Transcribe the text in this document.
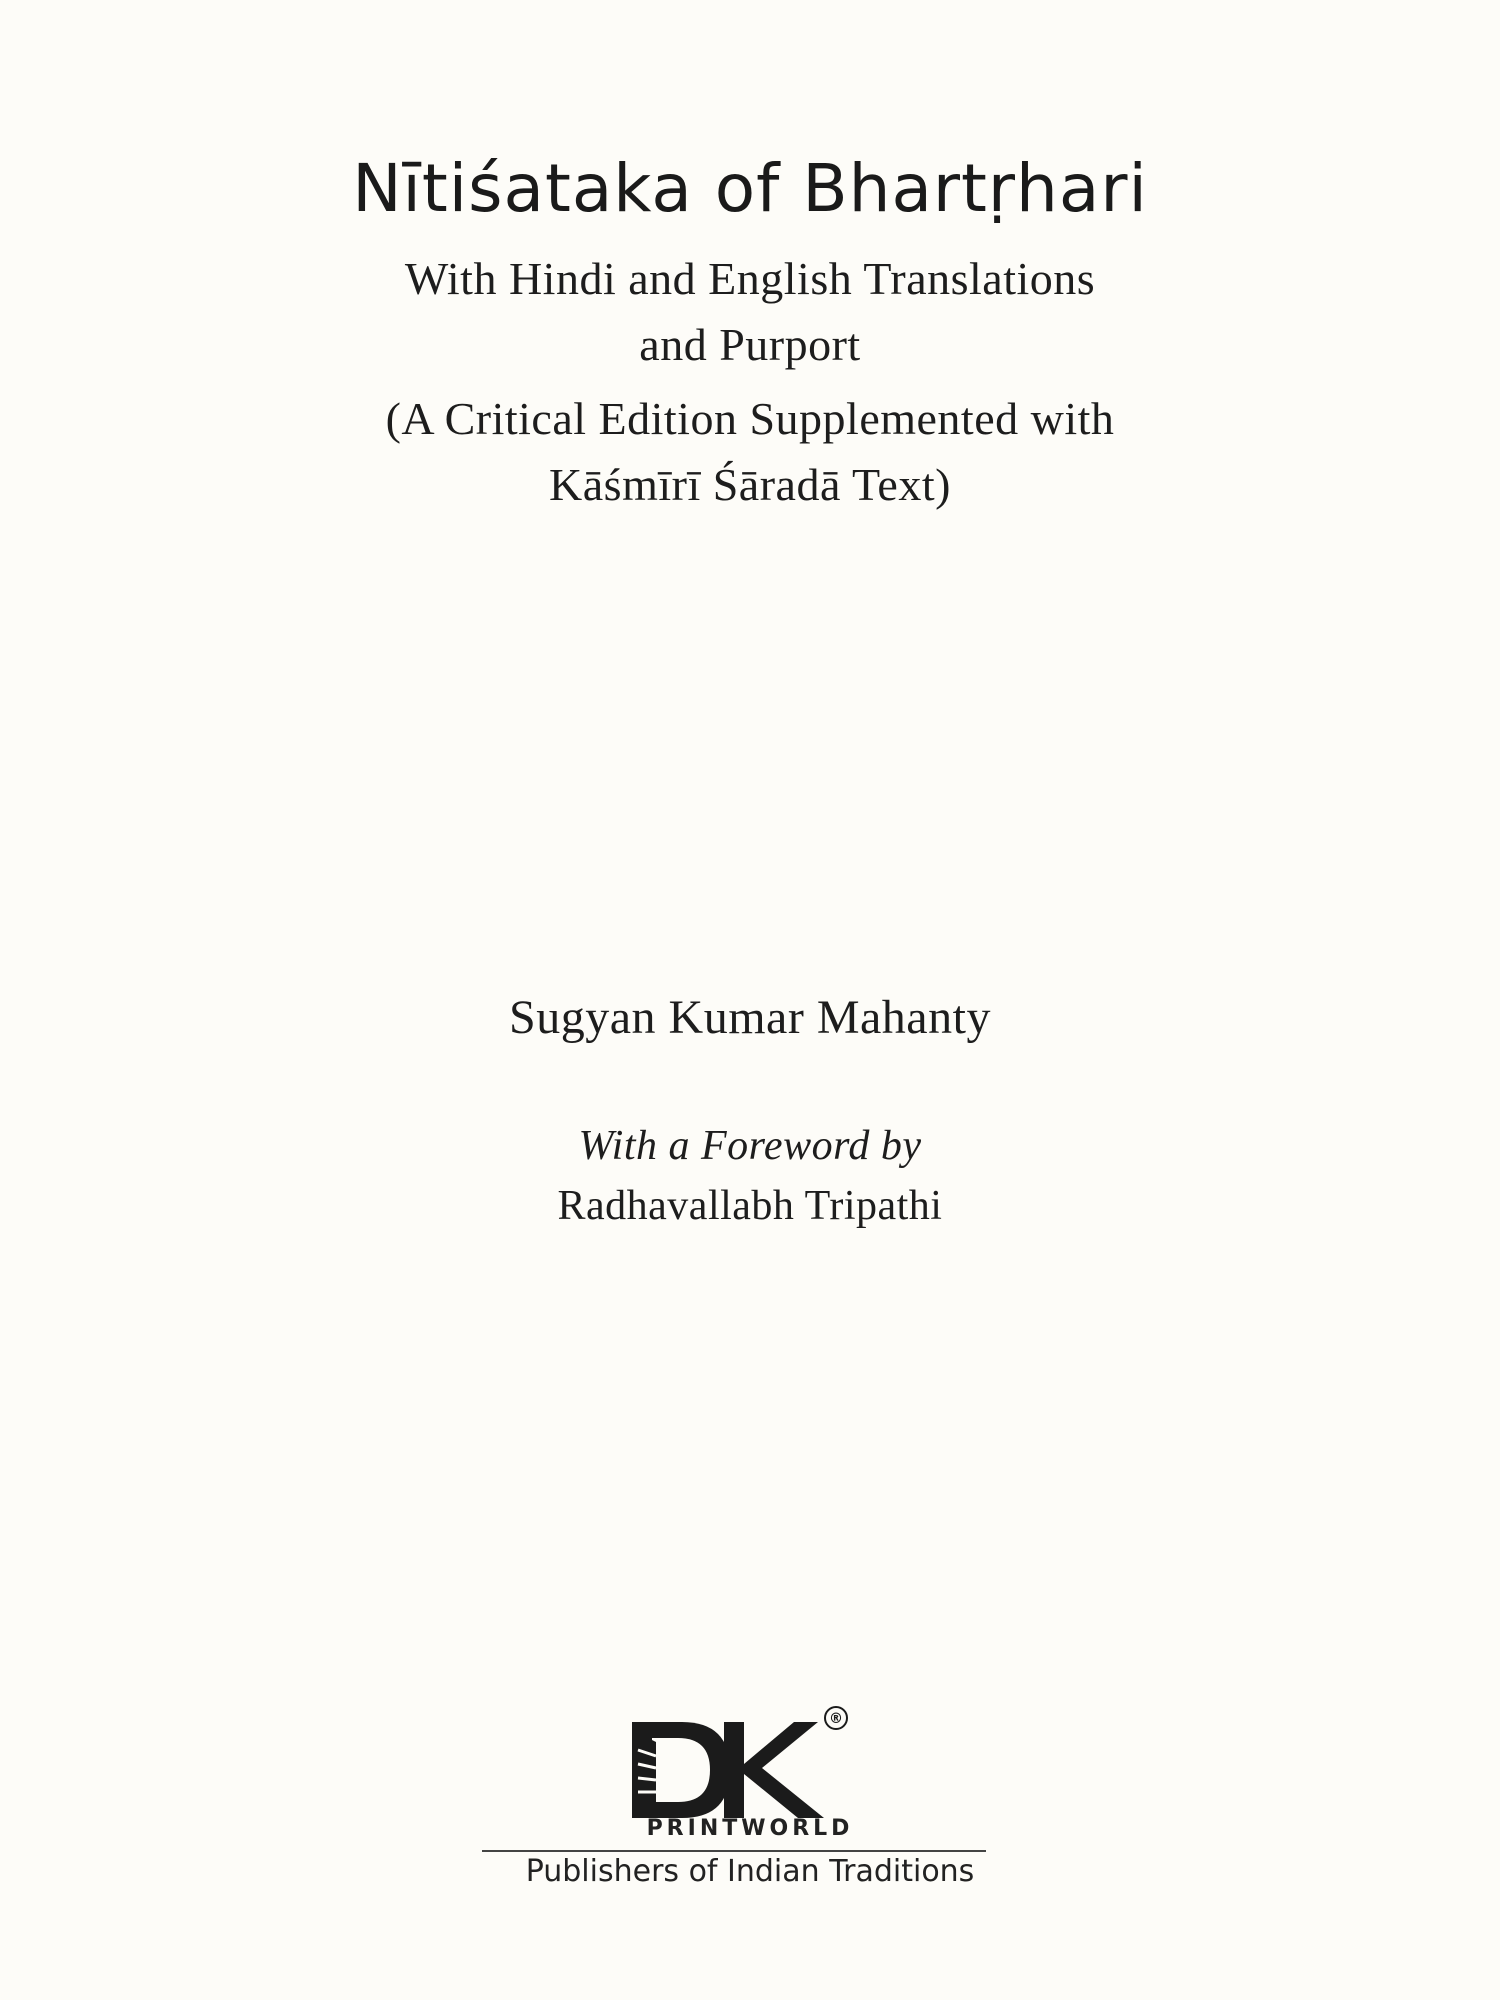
Nītiśataka of Bhartṛhari
With Hindi and English Translations
and Purport
(A Critical Edition Supplemented with
Kāśmīrī Śāradā Text)
Sugyan Kumar Mahanty
With a Foreword by
Radhavallabh Tripathi
®
PRINTWORLD
Publishers of Indian Traditions
